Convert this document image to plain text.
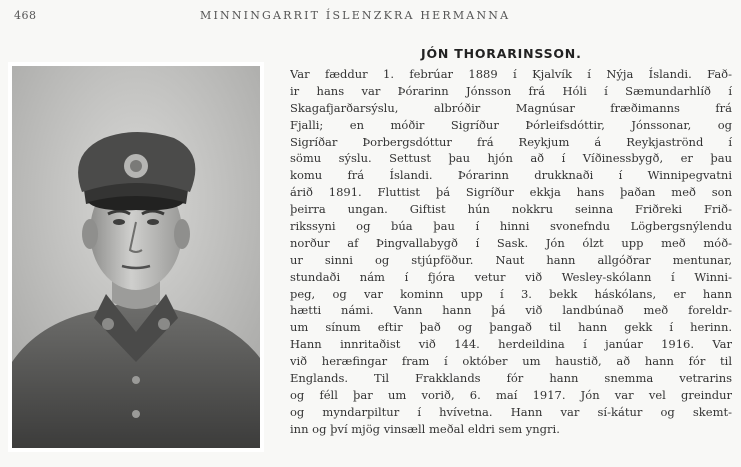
468	MINNINGARRIT ÍSLENZKRA HERMANNA
JÓN THORARINSSON.
Var fæddur 1. febrúar 1889 í Kjalvík í Nýja Íslandi. Fað-
ir hans var Þórarinn Jónsson frá Hóli í Sæmundarhlíð í
Skagafjarðarsýslu, albróðir Magnúsar fræðimanns frá
Fjalli; en móðir Sigríður Þórleifsdóttir, Jónssonar, og
Sigríðar Þorbergsdóttur frá Reykjum á Reykjaströnd í
sömu sýslu. Settust þau hjón að í Víðinessbygð, er þau
komu frá Íslandi. Þórarinn drukknaði í Winnipegvatni
árið 1891. Fluttist þá Sigríður ekkja hans þaðan með son
þeirra ungan. Giftist hún nokkru seinna Friðreki Frið-
rikssyni og búa þau í hinni svonefndu Lögbergsnýlendu
norður af Þingvallabygð í Sask. Jón ólzt upp með móð-
ur sinni og stjúpföður. Naut hann allgóðrar mentunar,
stundaði nám í fjóra vetur við Wesley-skólann í Winni-
peg, og var kominn upp í 3. bekk háskólans, er hann
hætti námi. Vann hann þá við landbúnað með foreldr-
um sínum eftir það og þangað til hann gekk í herinn.
Hann innritaðist við 144. herdeildina í janúar 1916. Var
við heræfingar fram í október um haustið, að hann fór til
Englands. Til Frakklands fór hann snemma vetrarins
og féll þar um vorið, 6. maí 1917. Jón var vel greindur
og myndarpiltur í hvívetna. Hann var sí-kátur og skemt-
inn og því mjög vinsæll meðal eldri sem yngri.
